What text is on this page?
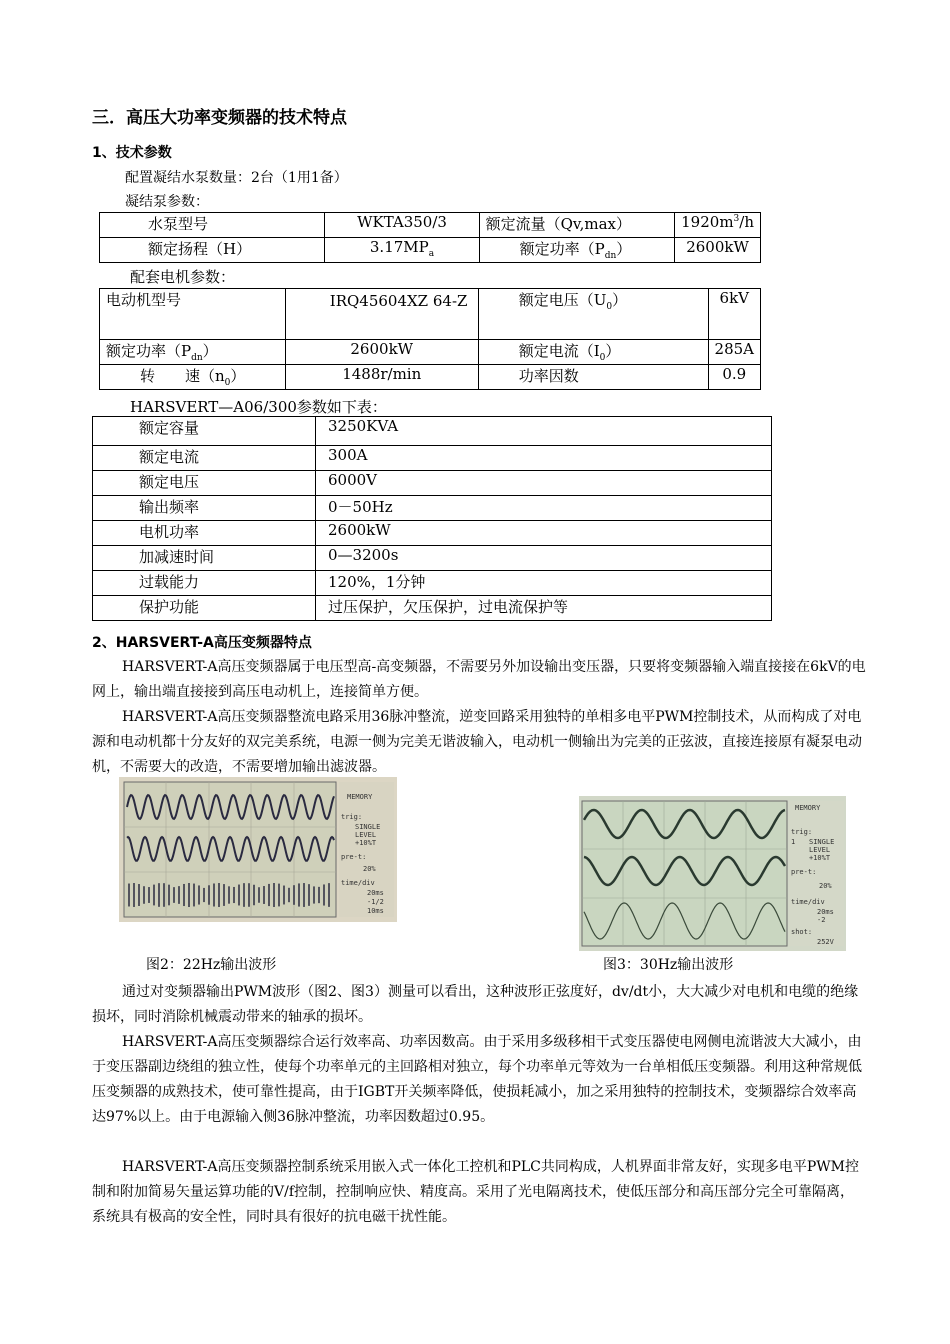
三．高压大功率变频器的技术特点
1、技术参数
配置凝结水泵数量：2台（1用1备）
凝结泵参数：
水泵型号	WKTA350/3	额定流量（Qv,max）	$1920m^3/h$
额定扬程（H）	$3.17MP_a$	额定功率$(P_{dn})$	2600kW
配套电机参数：
电动机型号	IRQ45604XZ 64-Z	额定电压$(U_0)$	6kV
额定功率$(P_{dn})$	2600kW	额定电流$(I_0)$	285A
转　　速$(n_0)$	1488r/min	功率因数	0.9
HARSVERT—A06/300参数如下表：
额定容量	3250KVA
额定电流	300A
额定电压	6000V
输出频率	0－50Hz
电机功率	2600kW
加减速时间	0—3200s
过载能力	120%，1分钟
保护功能	过压保护，欠压保护，过电流保护等
2、HARSVERT-A高压变频器特点

HARSVERT-A高压变频器属于电压型高-高变频器，不需要另外加设输出变压器，只要将变频器输入端直接接在6kV的电网上，输出端直接接到高压电动机上，连接简单方便。

HARSVERT-A高压变频器整流电路采用36脉冲整流，逆变回路采用独特的单相多电平PWM控制技术，从而构成了对电源和电动机都十分友好的双完美系统，电源一侧为完美无谐波输入，电动机一侧输出为完美的正弦波，直接连接原有凝泵电动机，不需要大的改造，不需要增加输出滤波器。

MEMORY
trig:
SINGLE
LEVEL
+10%T
pre-t:
20%
time/div
20ms
-1/2
10ms
MEMORY
trig:
1 SINGLE
LEVEL
+10%T
pre-t:
20%
time/div
20ms
-2
shot:
252V
图2：22Hz输出波形	图3：30Hz输出波形

通过对变频器输出PWM波形（图2、图3）测量可以看出，这种波形正弦度好，dv/dt小，大大减少对电机和电缆的绝缘损坏，同时消除机械震动带来的轴承的损坏。

HARSVERT-A高压变频器综合运行效率高、功率因数高。由于采用多级移相干式变压器使电网侧电流谐波大大减小，由于变压器副边绕组的独立性，使每个功率单元的主回路相对独立，每个功率单元等效为一台单相低压变频器。利用这种常规低压变频器的成熟技术，使可靠性提高，由于IGBT开关频率降低，使损耗减小，加之采用独特的控制技术，变频器综合效率高达97%以上。由于电源输入侧36脉冲整流，功率因数超过0.95。

HARSVERT-A高压变频器控制系统采用嵌入式一体化工控机和PLC共同构成，人机界面非常友好，实现多电平PWM控制和附加简易矢量运算功能的V/f控制，控制响应快、精度高。采用了光电隔离技术，使低压部分和高压部分完全可靠隔离，系统具有极高的安全性，同时具有很好的抗电磁干扰性能。
